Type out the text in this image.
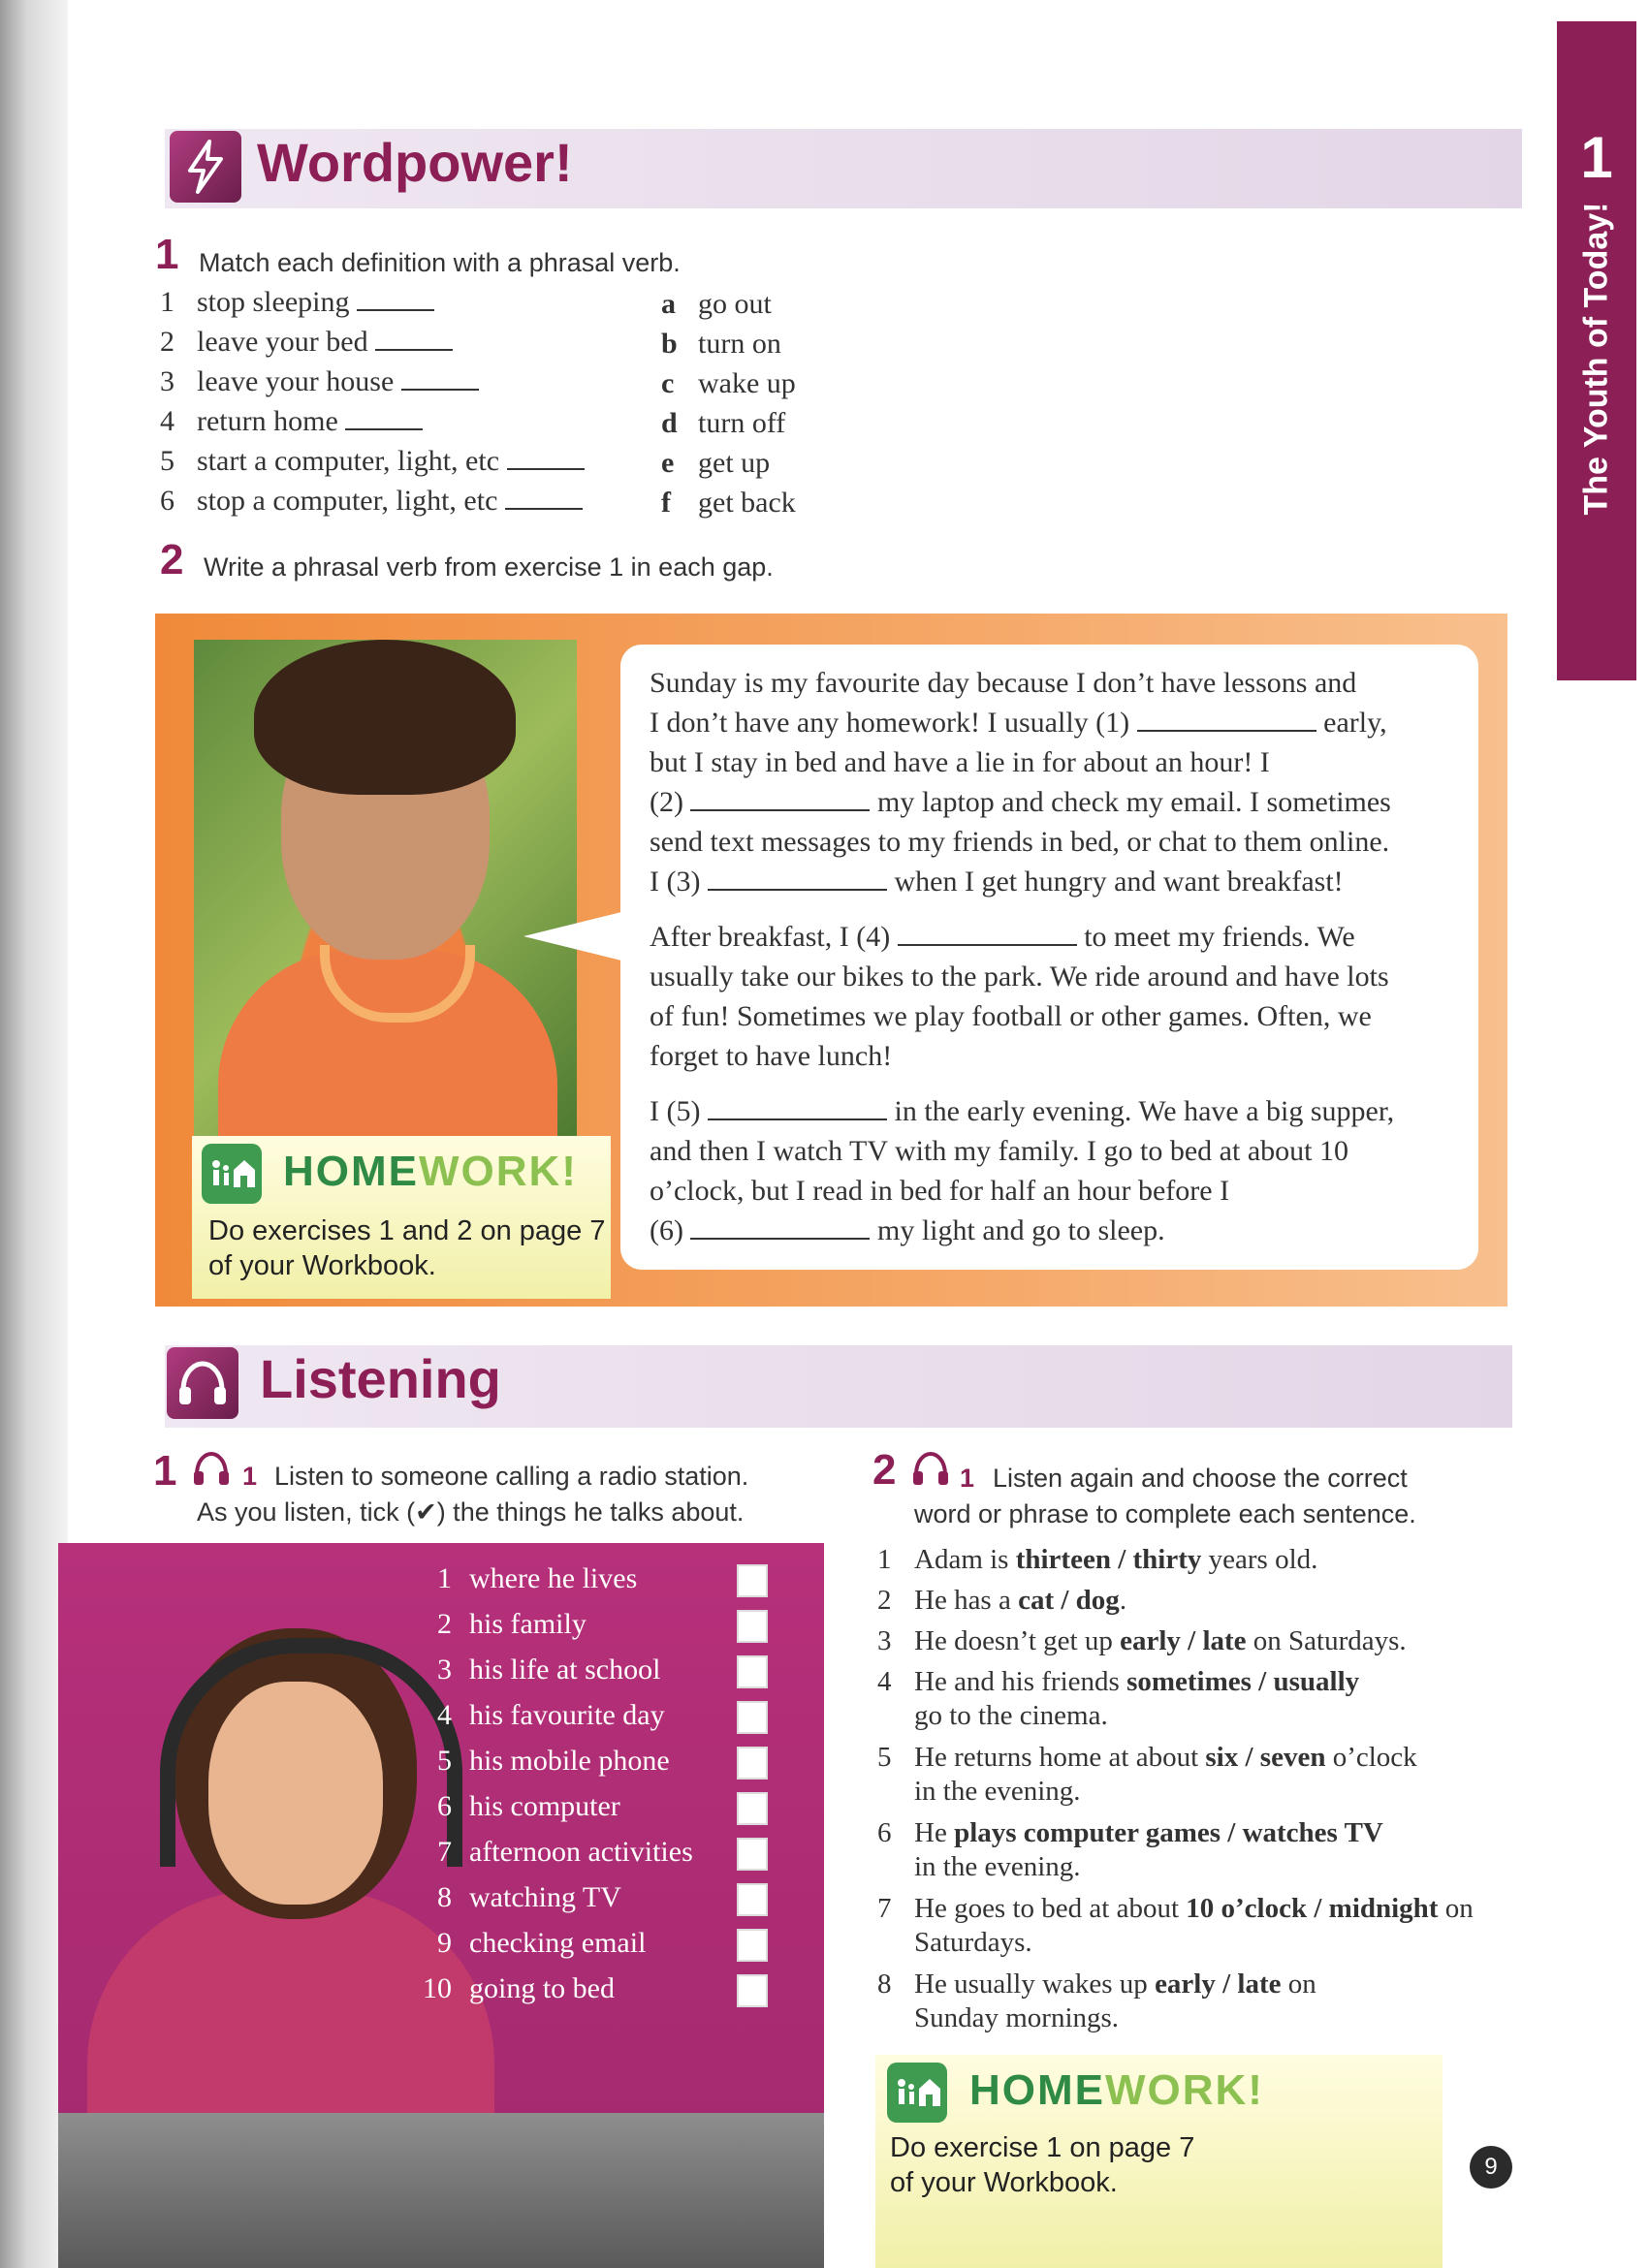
1
The Youth of Today!
Wordpower!
1 Match each definition with a phrasal verb.
1 stop sleeping
2 leave your bed
3 leave your house
4 return home
5 start a computer, light, etc
6 stop a computer, light, etc
a go out
b turn on
c wake up
d turn off
e get up
f get back
2 Write a phrasal verb from exercise 1 in each gap.
Sunday is my favourite day because I don’t have lessons and
I don’t have any homework! I usually (1)	early,
but I stay in bed and have a lie in for about an hour! I
(2)	my laptop and check my email. I sometimes
send text messages to my friends in bed, or chat to them online.
I (3)	when I get hungry and want breakfast!
After breakfast, I (4)	to meet my friends. We
usually take our bikes to the park. We ride around and have lots
of fun! Sometimes we play football or other games. Often, we
forget to have lunch!
I (5)	in the early evening. We have a big supper,
and then I watch TV with my family. I go to bed at about 10
o’clock, but I read in bed for half an hour before I
(6)	my light and go to sleep.
HOMEWORK!
Do exercises 1 and 2 on page 7
of your Workbook.
Listening
1	1 Listen to someone calling a radio station.
As you listen, tick (✔) the things he talks about.
1 where he lives
2 his family
3 his life at school
4 his favourite day
5 his mobile phone
6 his computer
7 afternoon activities
8 watching TV
9 checking email
10 going to bed
2 1 Listen again and choose the correct
word or phrase to complete each sentence.
1 Adam is thirteen / thirty years old.
2 He has a cat / dog.
3 He doesn’t get up early / late on Saturdays.
4 He and his friends sometimes / usually
go to the cinema.
5 He returns home at about six / seven o’clock
in the evening.
6 He plays computer games / watches TV
in the evening.
7 He goes to bed at about 10 o’clock / midnight on
Saturdays.
8 He usually wakes up early / late on
Sunday mornings.
HOMEWORK!
Do exercise 1 on page 7
of your Workbook.
9
